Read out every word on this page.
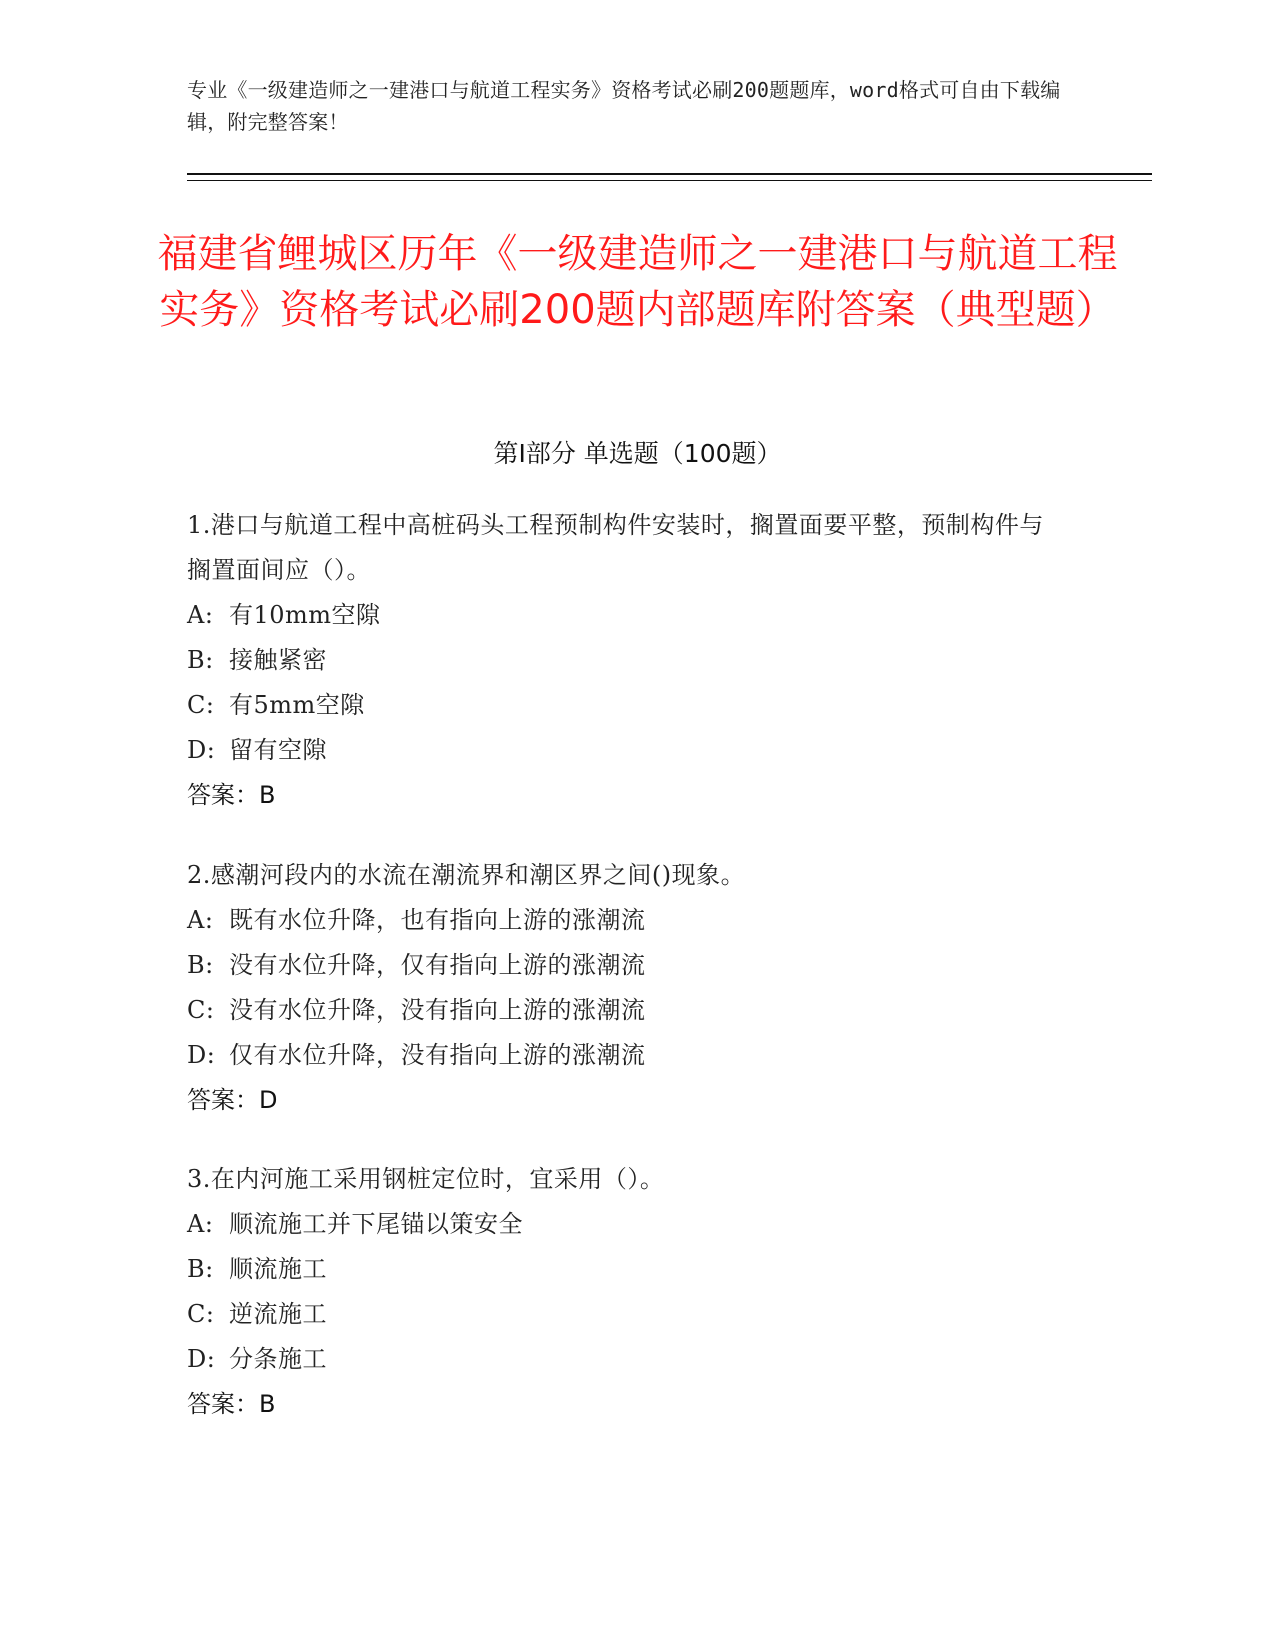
专业《一级建造师之一建港口与航道工程实务》资格考试必刷200题题库，word格式可自由下载编辑，附完整答案！
福建省鲤城区历年《一级建造师之一建港口与航道工程实务》资格考试必刷200题内部题库附答案（典型题）
第I部分 单选题（100题）

1.港口与航道工程中高桩码头工程预制构件安装时，搁置面要平整，预制构件与搁置面间应（）。

A: 有10mm空隙
B: 接触紧密
C: 有5mm空隙
D: 留有空隙
答案：B

2.感潮河段内的水流在潮流界和潮区界之间()现象。

A: 既有水位升降，也有指向上游的涨潮流
B: 没有水位升降，仅有指向上游的涨潮流
C: 没有水位升降，没有指向上游的涨潮流
D: 仅有水位升降，没有指向上游的涨潮流
答案：D

3.在内河施工采用钢桩定位时，宜采用（）。

A: 顺流施工并下尾锚以策安全
B: 顺流施工
C: 逆流施工
D: 分条施工
答案：B
